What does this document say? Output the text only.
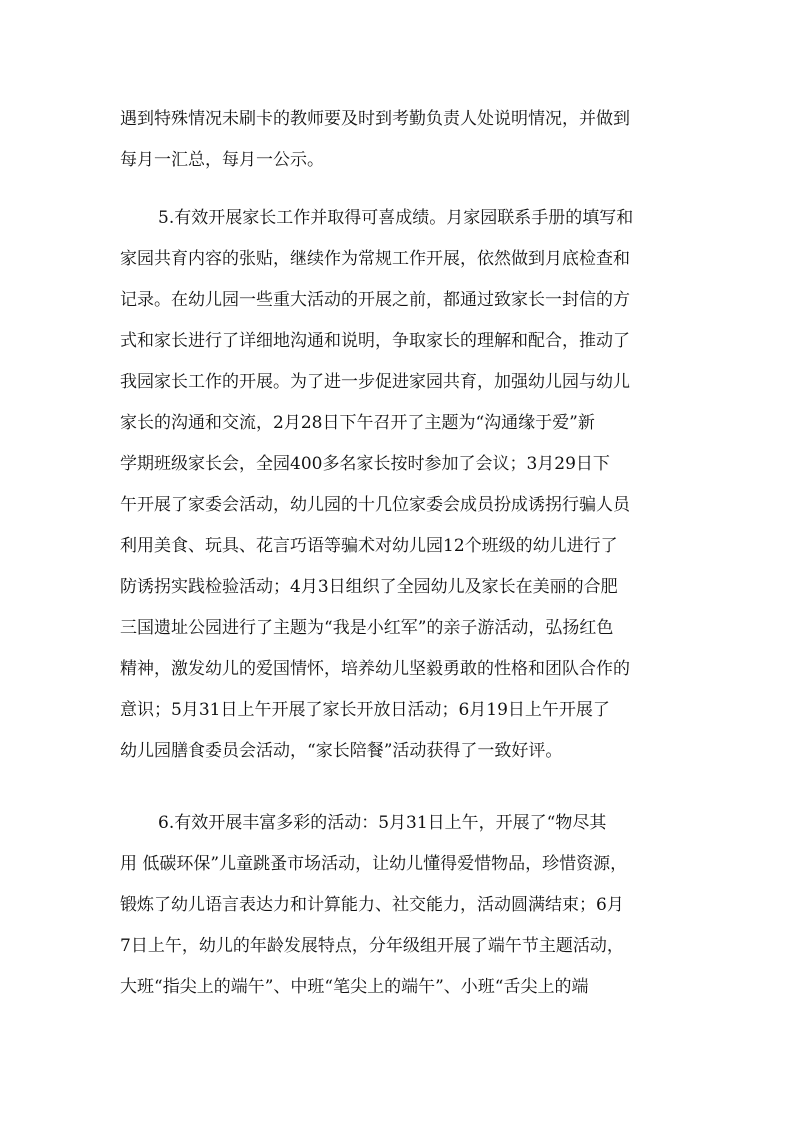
遇到特殊情况未刷卡的教师要及时到考勤负责人处说明情况，并做到
每月一汇总，每月一公示。
5.有效开展家长工作并取得可喜成绩。月家园联系手册的填写和
家园共育内容的张贴，继续作为常规工作开展，依然做到月底检查和
记录。在幼儿园一些重大活动的开展之前，都通过致家长一封信的方
式和家长进行了详细地沟通和说明，争取家长的理解和配合，推动了
我园家长工作的开展。为了进一步促进家园共育，加强幼儿园与幼儿
家长的沟通和交流，2月28日下午召开了主题为“沟通缘于爱”新
学期班级家长会，全园400多名家长按时参加了会议；3月29日下
午开展了家委会活动，幼儿园的十几位家委会成员扮成诱拐行骗人员
利用美食、玩具、花言巧语等骗术对幼儿园12个班级的幼儿进行了
防诱拐实践检验活动；4月3日组织了全园幼儿及家长在美丽的合肥
三国遗址公园进行了主题为“我是小红军”的亲子游活动，弘扬红色
精神，激发幼儿的爱国情怀，培养幼儿坚毅勇敢的性格和团队合作的
意识；5月31日上午开展了家长开放日活动；6月19日上午开展了
幼儿园膳食委员会活动，“家长陪餐”活动获得了一致好评。
6.有效开展丰富多彩的活动：5月31日上午，开展了“物尽其
用 低碳环保”儿童跳蚤市场活动，让幼儿懂得爱惜物品，珍惜资源，
锻炼了幼儿语言表达力和计算能力、社交能力，活动圆满结束；6月
7日上午，幼儿的年龄发展特点，分年级组开展了端午节主题活动，
大班“指尖上的端午”、中班“笔尖上的端午”、小班“舌尖上的端
